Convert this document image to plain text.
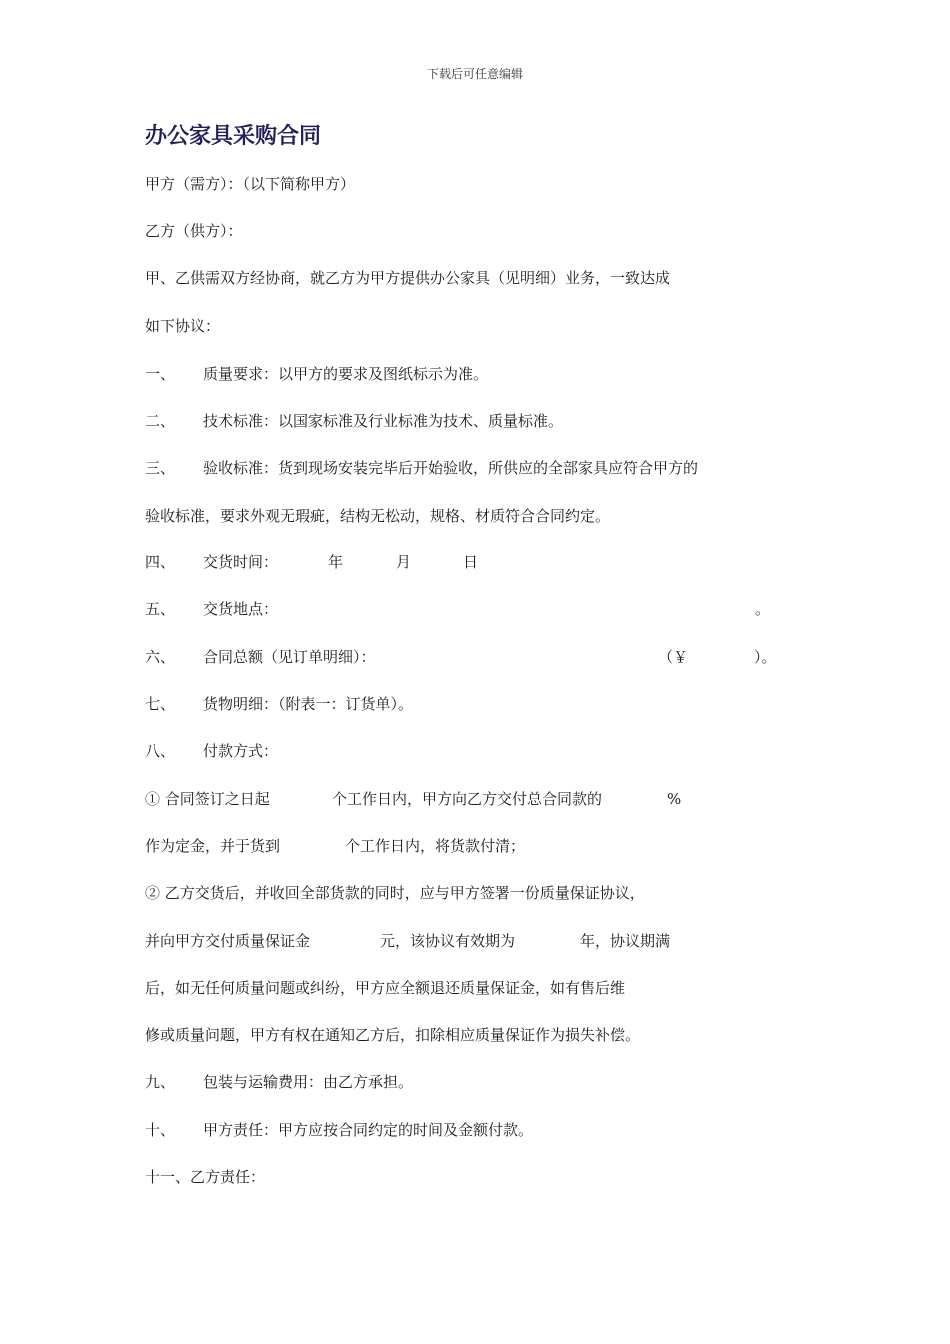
下载后可任意编辑
办公家具采购合同
甲方（需方）：（以下简称甲方）
乙方（供方）：
甲、乙供需双方经协商，就乙方为甲方提供办公家具（见明细）业务，一致达成
如下协议：
一、 质量要求：以甲方的要求及图纸标示为准。
二、 技术标准：以国家标准及行业标准为技术、质量标准。
三、 验收标准：货到现场安装完毕后开始验收，所供应的全部家具应符合甲方的
验收标准，要求外观无瑕疵，结构无松动，规格、材质符合合同约定。
四、 交货时间：	年	月	日
五、 交货地点：	。
六、 合同总额（见订单明细）：	（￥	）。
七、 货物明细：（附表一：订货单）。
八、 付款方式：
① 合同签订之日起	个工作日内，甲方向乙方交付总合同款的	%
作为定金，并于货到	个工作日内，将货款付清；
② 乙方交货后，并收回全部货款的同时，应与甲方签署一份质量保证协议，
并向甲方交付质量保证金	元，该协议有效期为	年，协议期满
后，如无任何质量问题或纠纷，甲方应全额退还质量保证金，如有售后维
修或质量问题，甲方有权在通知乙方后，扣除相应质量保证作为损失补偿。
九、 包装与运输费用：由乙方承担。
十、 甲方责任：甲方应按合同约定的时间及金额付款。
十一、乙方责任：
